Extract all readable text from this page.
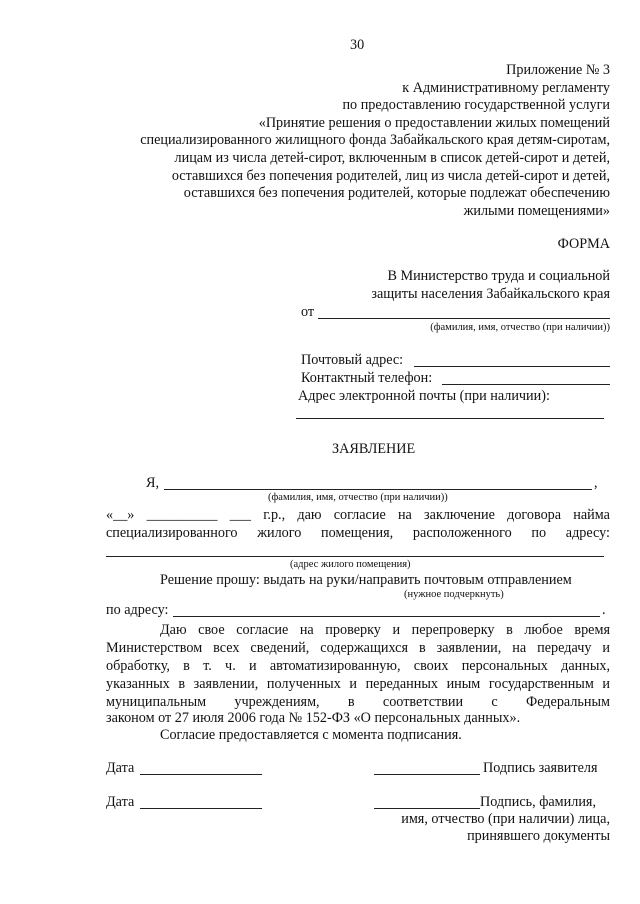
30
Приложение № 3
к Административному регламенту
по предоставлению государственной услуги
«Принятие решения о предоставлении жилых помещений
специализированного жилищного фонда Забайкальского края детям-сиротам,
лицам из числа детей-сирот, включенным в список детей-сирот и детей,
оставшихся без попечения родителей, лиц из числа детей-сирот и детей,
оставшихся без попечения родителей, которые подлежат обеспечению
жилыми помещениями»
ФОРМА
В Министерство труда и социальной
защиты населения Забайкальского края
от
(фамилия, имя, отчество (при наличии))
Почтовый адрес:
Контактный телефон:
Адрес электронной почты (при наличии):
ЗАЯВЛЕНИЕ
Я,	,
(фамилия, имя, отчество (при наличии))
«__» __________ ___ г.р., даю согласие на заключение договора найма
специализированного жилого помещения, расположенного по адресу:
(адрес жилого помещения)
Решение прошу: выдать на руки/направить почтовым отправлением
(нужное подчеркнуть)
по адресу:	.
Даю свое согласие на проверку и перепроверку в любое время
Министерством всех сведений, содержащихся в заявлении, на передачу и
обработку, в т. ч. и автоматизированную, своих персональных данных,
указанных в заявлении, полученных и переданных иным государственным и
муниципальным учреждениям, в соответствии с Федеральным
законом от 27 июля 2006 года № 152-ФЗ «О персональных данных».
Согласие предоставляется с момента подписания.
Дата	Подпись заявителя
Дата	Подпись, фамилия,
имя, отчество (при наличии) лица,
принявшего документы
